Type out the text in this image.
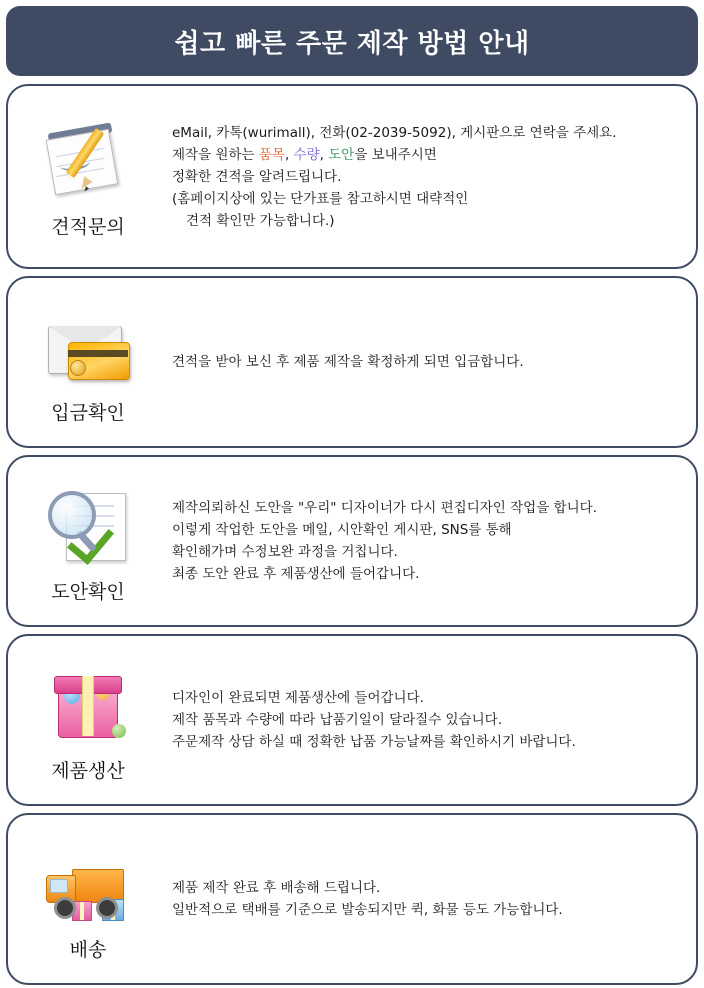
쉽고 빠른 주문 제작 방법 안내
견적문의
eMail, 카톡(wurimall), 전화(02-2039-5092), 게시판으로 연락을 주세요.
제작을 원하는 품목, 수량, 도안을 보내주시면
정확한 견적을 알려드립니다.
(홈페이지상에 있는 단가표를 참고하시면 대략적인
견적 확인만 가능합니다.)
입금확인
견적을 받아 보신 후 제품 제작을 확정하게 되면 입금합니다.
도안확인
제작의뢰하신 도안을 "우리" 디자이너가 다시 편집디자인 작업을 합니다.
이렇게 작업한 도안을 메일, 시안확인 게시판, SNS를 통해
확인해가며 수정보완 과정을 거칩니다.
최종 도안 완료 후 제품생산에 들어갑니다.
제품생산
디자인이 완료되면 제품생산에 들어갑니다.
제작 품목과 수량에 따라 납품기일이 달라질수 있습니다.
주문제작 상담 하실 때 정확한 납품 가능날짜를 확인하시기 바랍니다.
배송
제품 제작 완료 후 배송해 드립니다.
일반적으로 택배를 기준으로 발송되지만 퀵, 화물 등도 가능합니다.
